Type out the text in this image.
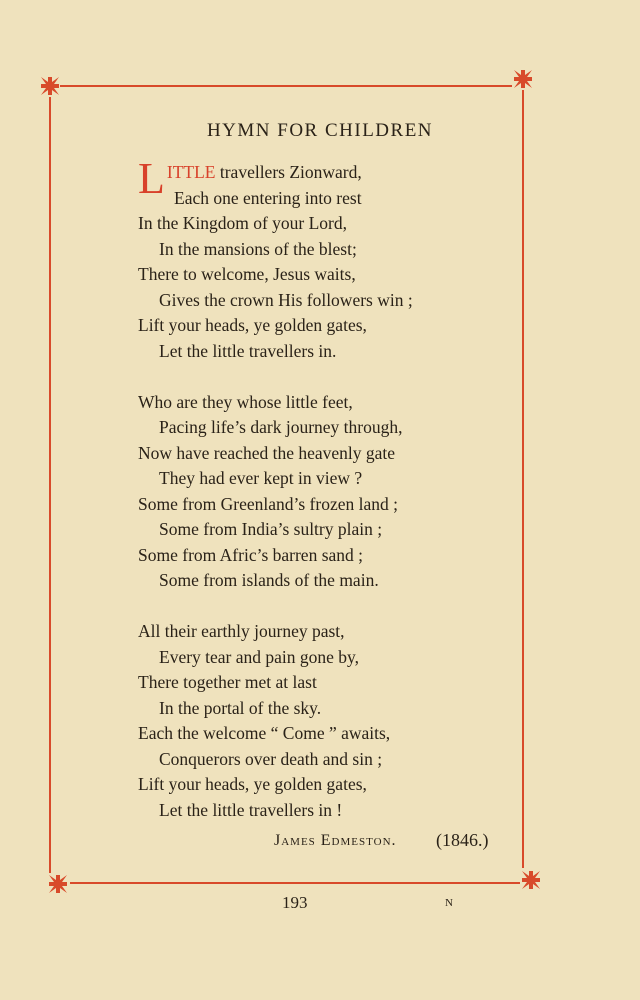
HYMN FOR CHILDREN
LITTLE travellers Zionward,
Each one entering into rest
In the Kingdom of your Lord,
In the mansions of the blest;
There to welcome, Jesus waits,
Gives the crown His followers win ;
Lift your heads, ye golden gates,
Let the little travellers in.
Who are they whose little feet,
Pacing life’s dark journey through,
Now have reached the heavenly gate
They had ever kept in view ?
Some from Greenland’s frozen land ;
Some from India’s sultry plain ;
Some from Afric’s barren sand ;
Some from islands of the main.
All their earthly journey past,
Every tear and pain gone by,
There together met at last
In the portal of the sky.
Each the welcome “ Come ” awaits,
Conquerors over death and sin ;
Lift your heads, ye golden gates,
Let the little travellers in !
James Edmeston. (1846.)
193	N
